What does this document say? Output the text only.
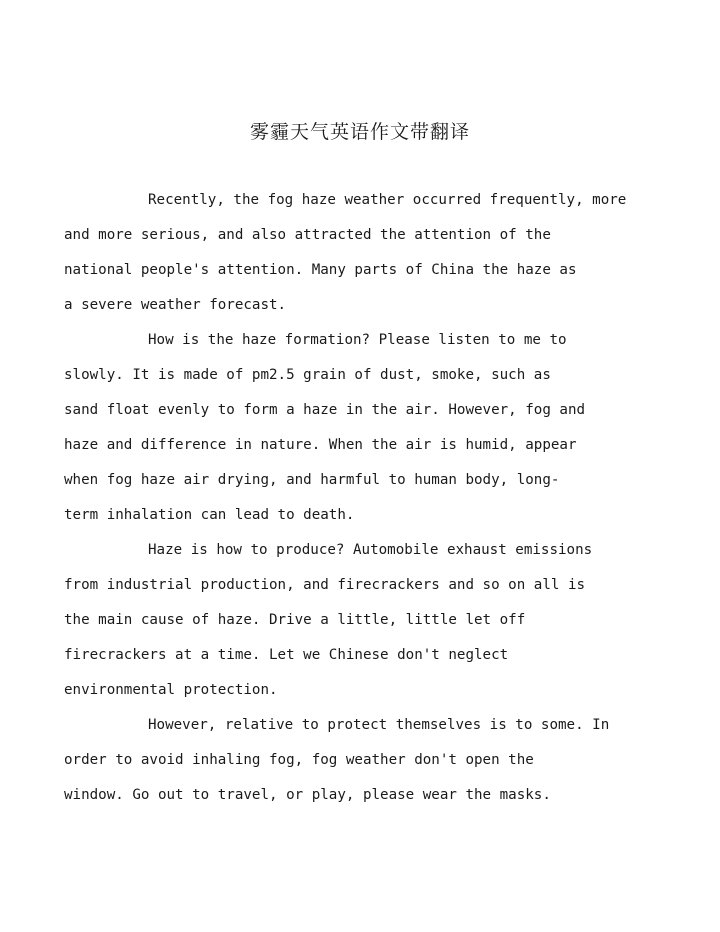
雾霾天气英语作文带翻译

Recently, the fog haze weather occurred frequently, more
and more serious, and also attracted the attention of the
national people's attention. Many parts of China the haze as
a severe weather forecast.

How is the haze formation? Please listen to me to
slowly. It is made of pm2.5 grain of dust, smoke, such as
sand float evenly to form a haze in the air. However, fog and
haze and difference in nature. When the air is humid, appear
when fog haze air drying, and harmful to human body, long-
term inhalation can lead to death.

Haze is how to produce? Automobile exhaust emissions
from industrial production, and firecrackers and so on all is
the main cause of haze. Drive a little, little let off
firecrackers at a time. Let we Chinese don't neglect
environmental protection.

However, relative to protect themselves is to some. In
order to avoid inhaling fog, fog weather don't open the
window. Go out to travel, or play, please wear the masks.
